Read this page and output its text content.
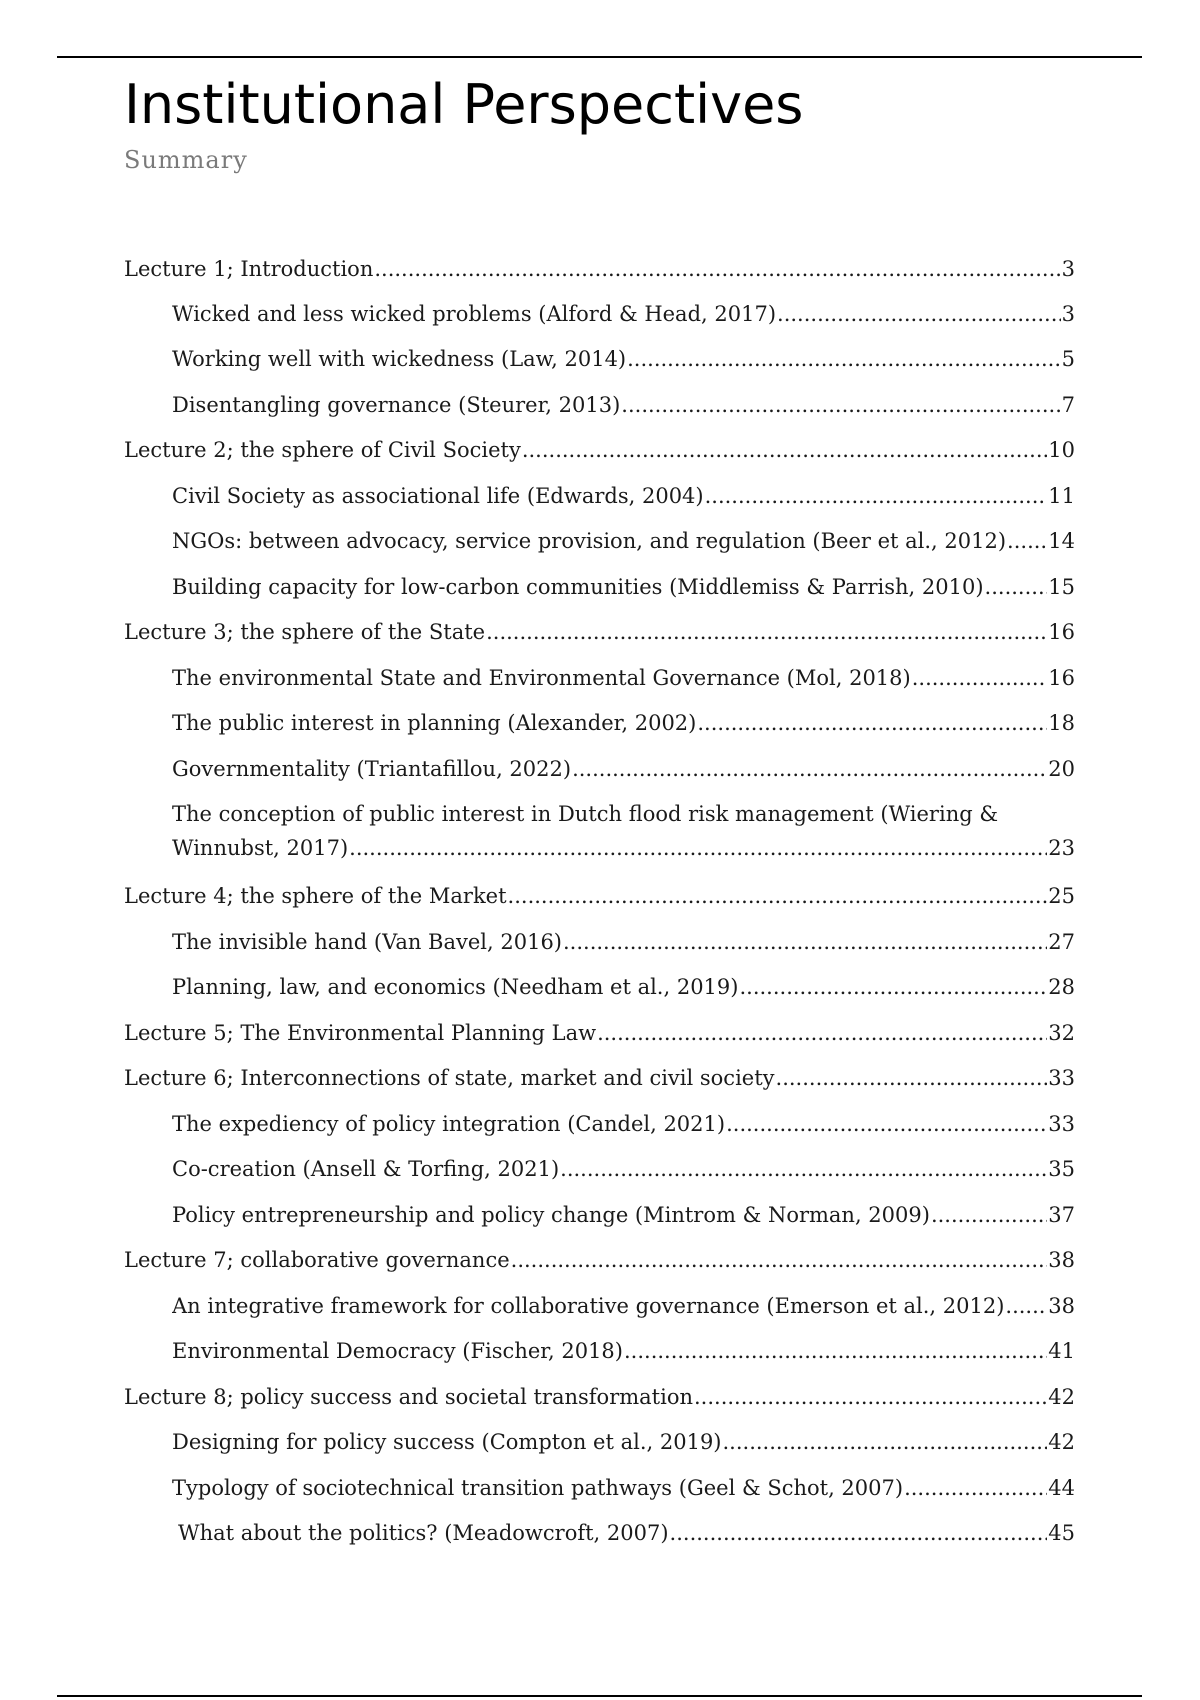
Institutional Perspectives
Summary
Lecture 1; Introduction .....	3
Wicked and less wicked problems (Alford & Head, 2017) .....	3
Working well with wickedness (Law, 2014) .....	5
Disentangling governance (Steurer, 2013) .....	7
Lecture 2; the sphere of Civil Society .....	10
Civil Society as associational life (Edwards, 2004) .....	11
NGOs: between advocacy, service provision, and regulation (Beer et al., 2012) ..... 14
Building capacity for low-carbon communities (Middlemiss & Parrish, 2010) .....	15
Lecture 3; the sphere of the State .....	16
The environmental State and Environmental Governance (Mol, 2018) .....	16
The public interest in planning (Alexander, 2002) .....	18
Governmentality (Triantafillou, 2022) .....	20
The conception of public interest in Dutch flood risk management (Wiering &
Winnubst, 2017) .....	23
Lecture 4; the sphere of the Market .....	25
The invisible hand (Van Bavel, 2016) .....	27
Planning, law, and economics (Needham et al., 2019) .....	28
Lecture 5; The Environmental Planning Law .....	32
Lecture 6; Interconnections of state, market and civil society .....	33
The expediency of policy integration (Candel, 2021) .....	33
Co-creation (Ansell & Torfing, 2021) .....	35
Policy entrepreneurship and policy change (Mintrom & Norman, 2009) .....	37
Lecture 7; collaborative governance .....	38
An integrative framework for collaborative governance (Emerson et al., 2012) ..... 38
Environmental Democracy (Fischer, 2018) .....	41
Lecture 8; policy success and societal transformation .....	42
Designing for policy success (Compton et al., 2019) .....	42
Typology of sociotechnical transition pathways (Geel & Schot, 2007) .....	44
What about the politics? (Meadowcroft, 2007) .....	45
